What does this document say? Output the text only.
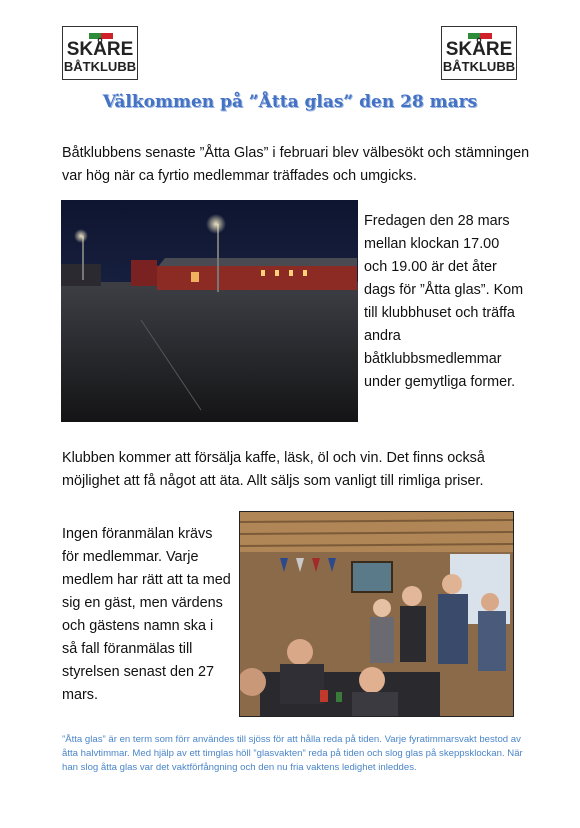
SKÅRE
BÅTKLUBB
SKÅRE
BÅTKLUBB
Välkommen på ”Åtta glas” den 28 mars

Båtklubbens senaste ”Åtta Glas” i februari blev välbesökt och stämningen var hög när ca fyrtio medlemmar träffades och umgicks.

Fredagen den 28 mars mellan klockan 17.00 och 19.00 är det åter dags för ”Åtta glas”. Kom till klubbhuset och träffa andra båtklubbsmedlemmar under gemytliga former.

Klubben kommer att försälja kaffe, läsk, öl och vin. Det finns också möjlighet att få något att äta. Allt säljs som vanligt till rimliga priser.

Ingen föranmälan krävs för medlemmar. Varje medlem har rätt att ta med sig en gäst, men värdens och gästens namn ska i så fall föranmälas till styrelsen senast den 27 mars.

”Åtta glas” är en term som förr användes till sjöss för att hålla reda på tiden. Varje fyratimmarsvakt bestod av åtta halvtimmar. Med hjälp av ett timglas höll ”glasvakten” reda på tiden och slog glas på skeppsklockan. När han slog åtta glas var det vaktförfångning och den nu fria vaktens ledighet inleddes.
